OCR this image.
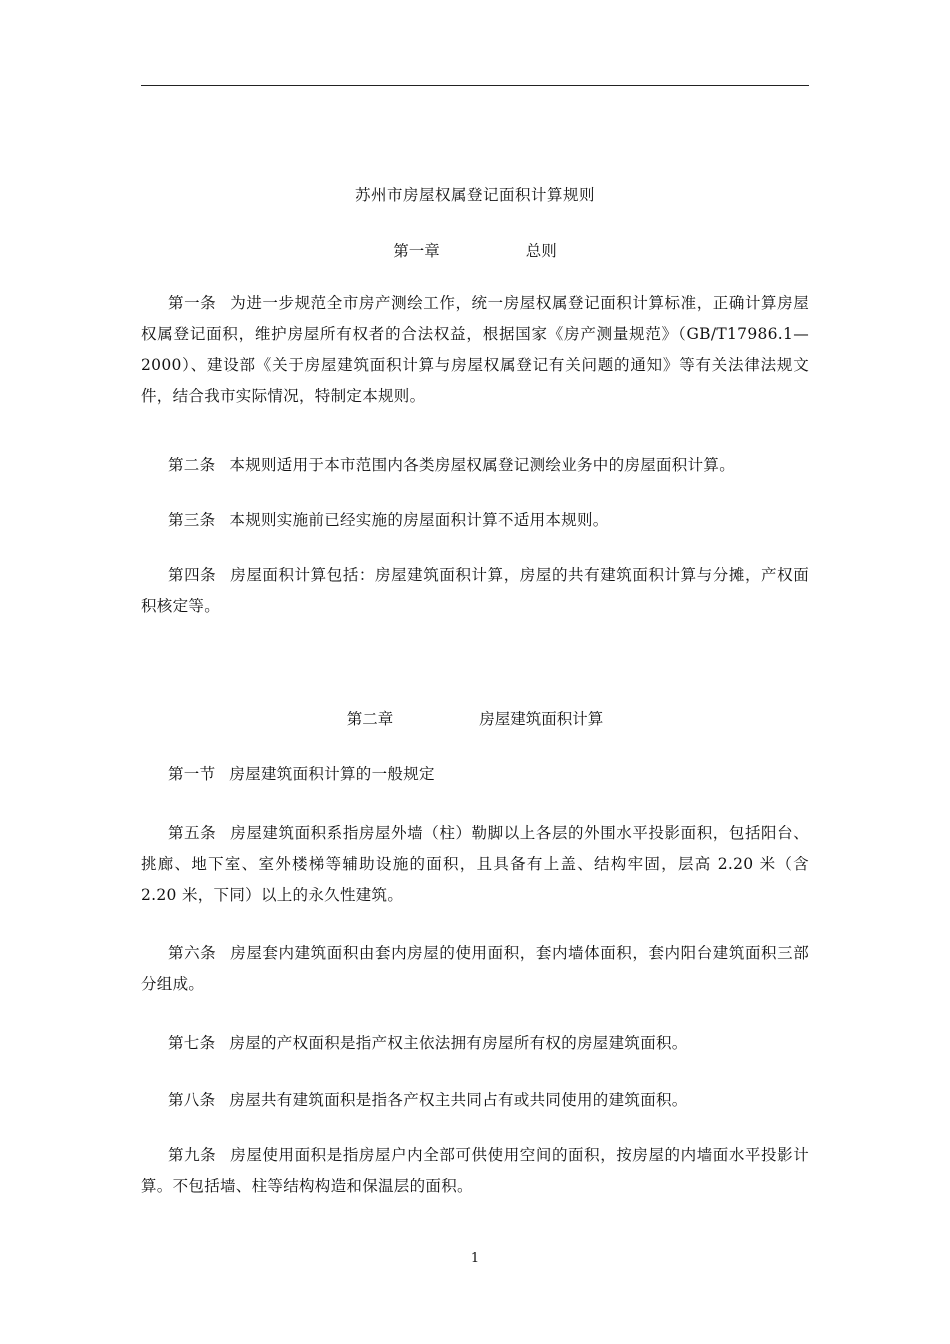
苏州市房屋权属登记面积计算规则
第一章	总则
第一条 为进一步规范全市房产测绘工作，统一房屋权属登记面积计算标准，正确计算房屋权属登记面积，维护房屋所有权者的合法权益，根据国家《房产测量规范》（GB/T17986.1—2000）、建设部《关于房屋建筑面积计算与房屋权属登记有关问题的通知》等有关法律法规文件，结合我市实际情况，特制定本规则。
第二条 本规则适用于本市范围内各类房屋权属登记测绘业务中的房屋面积计算。
第三条 本规则实施前已经实施的房屋面积计算不适用本规则。
第四条 房屋面积计算包括：房屋建筑面积计算，房屋的共有建筑面积计算与分摊，产权面积核定等。
第二章	房屋建筑面积计算
第一节 房屋建筑面积计算的一般规定
第五条 房屋建筑面积系指房屋外墙（柱）勒脚以上各层的外围水平投影面积，包括阳台、挑廊、地下室、室外楼梯等辅助设施的面积，且具备有上盖、结构牢固，层高 2.20 米（含 2.20 米，下同）以上的永久性建筑。
第六条 房屋套内建筑面积由套内房屋的使用面积，套内墙体面积，套内阳台建筑面积三部分组成。
第七条 房屋的产权面积是指产权主依法拥有房屋所有权的房屋建筑面积。
第八条 房屋共有建筑面积是指各产权主共同占有或共同使用的建筑面积。
第九条 房屋使用面积是指房屋户内全部可供使用空间的面积，按房屋的内墙面水平投影计算。不包括墙、柱等结构构造和保温层的面积。
1
